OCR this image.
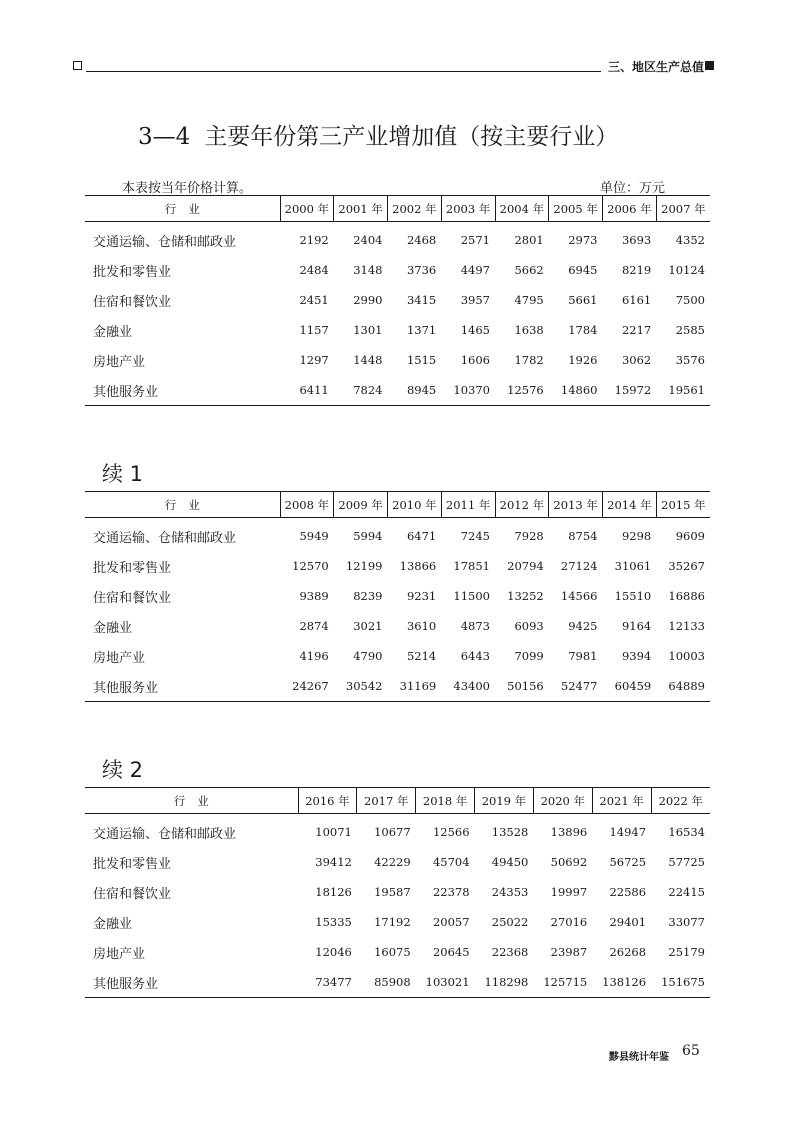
三、地区生产总值
3—4 主要年份第三产业增加值（按主要行业）
本表按当年价格计算。	单位：万元
行业	2000 年	2001 年	2002 年	2003 年	2004 年	2005 年	2006 年	2007 年
交通运输、仓储和邮政业	2192	2404	2468	2571	2801	2973	3693	4352
批发和零售业	2484	3148	3736	4497	5662	6945	8219	10124
住宿和餐饮业	2451	2990	3415	3957	4795	5661	6161	7500
金融业	1157	1301	1371	1465	1638	1784	2217	2585
房地产业	1297	1448	1515	1606	1782	1926	3062	3576
其他服务业	6411	7824	8945	10370	12576	14860	15972	19561
续 1
行业	2008 年	2009 年	2010 年	2011 年	2012 年	2013 年	2014 年	2015 年
交通运输、仓储和邮政业	5949	5994	6471	7245	7928	8754	9298	9609
批发和零售业	12570	12199	13866	17851	20794	27124	31061	35267
住宿和餐饮业	9389	8239	9231	11500	13252	14566	15510	16886
金融业	2874	3021	3610	4873	6093	9425	9164	12133
房地产业	4196	4790	5214	6443	7099	7981	9394	10003
其他服务业	24267	30542	31169	43400	50156	52477	60459	64889
续 2
行业	2016 年	2017 年	2018 年	2019 年	2020 年	2021 年	2022 年
交通运输、仓储和邮政业	10071	10677	12566	13528	13896	14947	16534
批发和零售业	39412	42229	45704	49450	50692	56725	57725
住宿和餐饮业	18126	19587	22378	24353	19997	22586	22415
金融业	15335	17192	20057	25022	27016	29401	33077
房地产业	12046	16075	20645	22368	23987	26268	25179
其他服务业	73477	85908	103021	118298	125715	138126	151675
黟县统计年鉴 65
